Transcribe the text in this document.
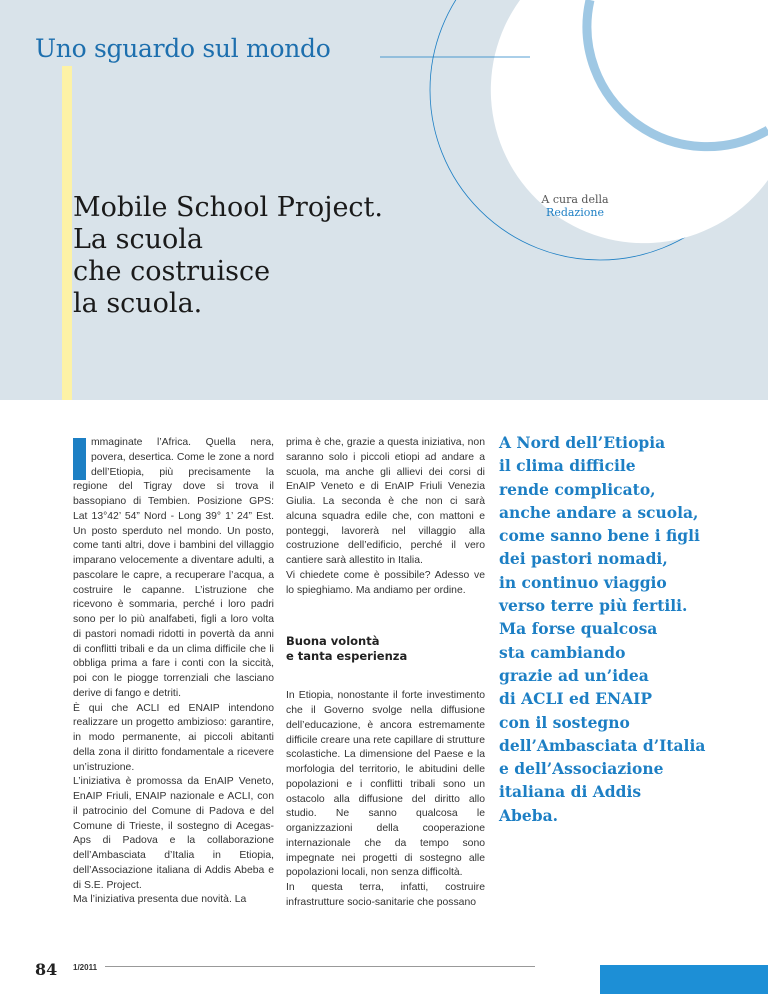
Uno sguardo sul mondo
Mobile School Project.
La scuola
che costruisce
la scuola.
A cura della
Redazione

mmaginate l’Africa. Quella nera, povera, desertica. Come le zone a nord dell’Etiopia, più precisamente la regione del Tigray dove si trova il bassopiano di Tembien. Posizione GPS: Lat 13°42’ 54” Nord - Long 39° 1’ 24” Est. Un posto sperduto nel mondo. Un posto, come tanti altri, dove i bambini del villaggio imparano velocemente a diventare adulti, a pascolare le capre, a recuperare l’acqua, a costruire le capanne. L’istruzione che ricevono è sommaria, perché i loro padri sono per lo più analfabeti, figli a loro volta di pastori nomadi ridotti in povertà da anni di conflitti tribali e da un clima difficile che li obbliga prima a fare i conti con la siccità, poi con le piogge torrenziali che lasciano derive di fango e detriti.

È qui che ACLI ed ENAIP intendono realizzare un progetto ambizioso: garantire, in modo permanente, ai piccoli abitanti della zona il diritto fondamentale a ricevere un’istruzione.

L’iniziativa è promossa da EnAIP Veneto, EnAIP Friuli, ENAIP nazionale e ACLI, con il patrocinio del Comune di Padova e del Comune di Trieste, il sostegno di Acegas-Aps di Padova e la collaborazione dell’Ambasciata d’Italia in Etiopia, dell’Associazione italiana di Addis Abeba e di S.E. Project.

Ma l’iniziativa presenta due novità. La

prima è che, grazie a questa iniziativa, non saranno solo i piccoli etiopi ad andare a scuola, ma anche gli allievi dei corsi di EnAIP Veneto e di EnAIP Friuli Venezia Giulia. La seconda è che non ci sarà alcuna squadra edile che, con mattoni e ponteggi, lavorerà nel villaggio alla costruzione dell’edificio, perché il vero cantiere sarà allestito in Italia.

Vi chiedete come è possibile? Adesso ve lo spieghiamo. Ma andiamo per ordine.

Buona volontà
e tanta esperienza

In Etiopia, nonostante il forte investimento che il Governo svolge nella diffusione dell’educazione, è ancora estremamente difficile creare una rete capillare di strutture scolastiche. La dimensione del Paese e la morfologia del territorio, le abitudini delle popolazioni e i conflitti tribali sono un ostacolo alla diffusione del diritto allo studio. Ne sanno qualcosa le organizzazioni della cooperazione internazionale che da tempo sono impegnate nei progetti di sostegno alle popolazioni locali, non senza difficoltà.

In questa terra, infatti, costruire infrastrutture socio-sanitarie che possano

A Nord dell’Etiopia
il clima difficile
rende complicato,
anche andare a scuola,
come sanno bene i figli
dei pastori nomadi,
in continuo viaggio
verso terre più fertili.
Ma forse qualcosa
sta cambiando
grazie ad un’idea
di ACLI ed ENAIP
con il sostegno
dell’Ambasciata d’Italia
e dell’Associazione
italiana di Addis
Abeba.
84 1/2011
